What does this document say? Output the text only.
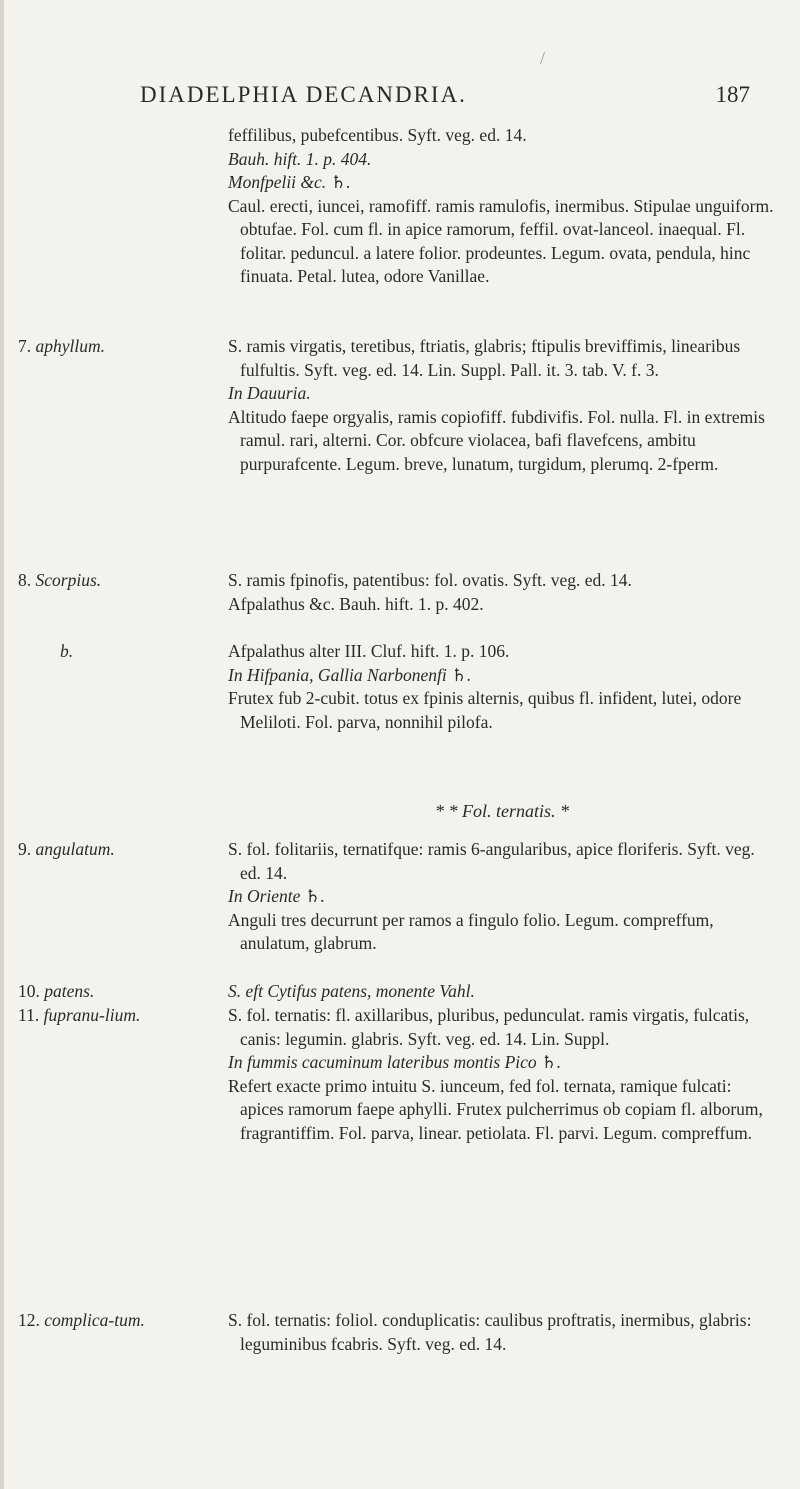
/
DIADELPHIA DECANDRIA.	187

feffilibus, pubefcentibus. Syft. veg. ed. 14.

Bauh. hift. 1. p. 404.

Monfpelii &c. ♄.

Caul. erecti, iuncei, ramofiff. ramis ramulofis, inermibus. Stipulae unguiform. obtufae. Fol. cum fl. in apice ramorum, feffil. ovat-lanceol. inaequal. Fl. folitar. peduncul. a latere folior. prodeuntes. Legum. ovata, pendula, hinc finuata. Petal. lutea, odore Vanillae.

7. aphyllum.	S. ramis virgatis, teretibus, ftriatis, glabris; ftipulis breviffimis, linearibus fulfultis. Syft. veg. ed. 14. Lin. Suppl. Pall. it. 3. tab. V. f. 3.

In Dauuria.

Altitudo faepe orgyalis, ramis copiofiff. fubdivifis. Fol. nulla. Fl. in extremis ramul. rari, alterni. Cor. obfcure violacea, bafi flavefcens, ambitu purpurafcente. Legum. breve, lunatum, turgidum, plerumq. 2-fperm.

8. Scorpius.	S. ramis fpinofis, patentibus: fol. ovatis. Syft. veg. ed. 14.

Afpalathus &c. Bauh. hift. 1. p. 402.

b.	Afpalathus alter III. Cluf. hift. 1. p. 106.

In Hifpania, Gallia Narbonenfi ♄.

Frutex fub 2-cubit. totus ex fpinis alternis, quibus fl. infident, lutei, odore Meliloti. Fol. parva, nonnihil pilofa.

* * Fol. ternatis. *
9. angulatum.	S. fol. folitariis, ternatifque: ramis 6-angularibus, apice floriferis. Syft. veg. ed. 14.

In Oriente ♄.

Anguli tres decurrunt per ramos a fingulo folio. Legum. compreffum, anulatum, glabrum.

10. patens.	S. eft Cytifus patens, monente Vahl.

11. fupranu-lium.	S. fol. ternatis: fl. axillaribus, pluribus, pedunculat. ramis virgatis, fulcatis, canis: legumin. glabris. Syft. veg. ed. 14. Lin. Suppl.

In fummis cacuminum lateribus montis Pico ♄.

Refert exacte primo intuitu S. iunceum, fed fol. ternata, ramique fulcati: apices ramorum faepe aphylli. Frutex pulcherrimus ob copiam fl. alborum, fragrantiffim. Fol. parva, linear. petiolata. Fl. parvi. Legum. compreffum.

12. complica-tum.	S. fol. ternatis: foliol. conduplicatis: caulibus proftratis, inermibus, glabris: leguminibus fcabris. Syft. veg. ed. 14.
